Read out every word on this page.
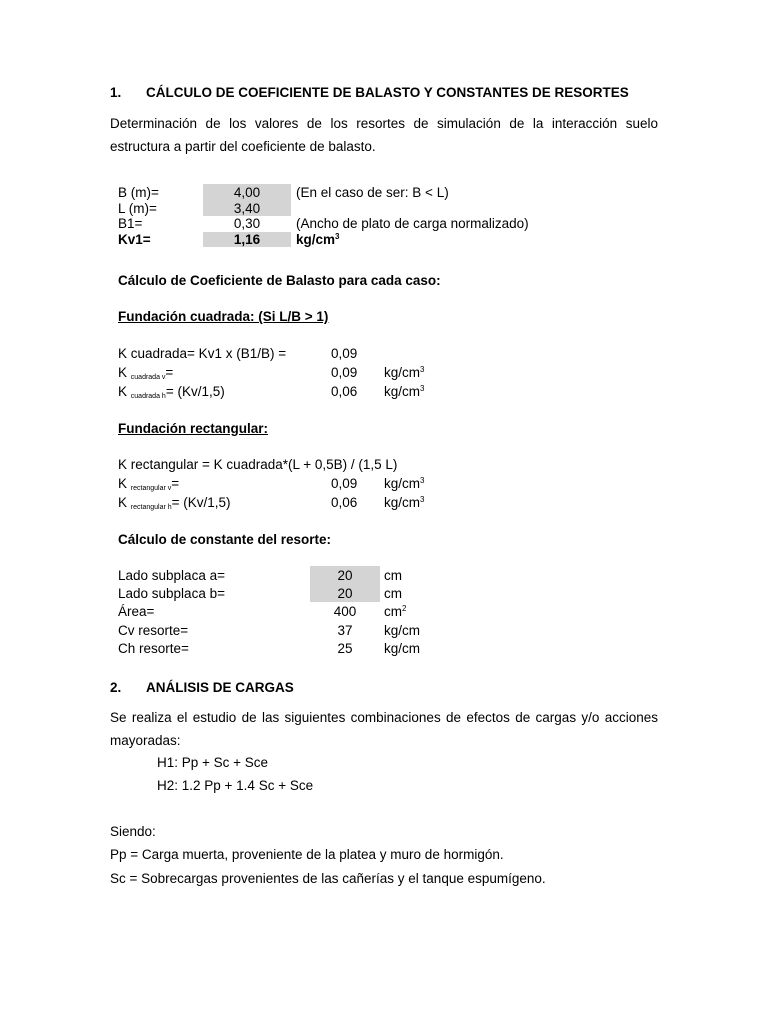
1. CÁLCULO DE COEFICIENTE DE BALASTO Y CONSTANTES DE RESORTES
Determinación de los valores de los resortes de simulación de la interacción suelo estructura a partir del coeficiente de balasto.
B (m)=	4,00	(En el caso de ser: B < L)
L (m)=	3,40
B1=	0,30	(Ancho de plato de carga normalizado)
Kv1=	1,16	$kg/cm^3$
Cálculo de Coeficiente de Balasto para cada caso:
Fundación cuadrada: (Si L/B > 1)
K cuadrada= Kv1 x (B1/B) =	0,09
K $_{cuadrada v}$=	0,09 $kg/cm^3$
K $_{cuadrada h}$= (Kv/1,5)	0,06 $kg/cm^3$
Fundación rectangular:
K rectangular = K cuadrada*(L + 0,5B) / (1,5 L)
K $_{rectangular v}$=	0,09 $kg/cm^3$
K $_{rectangular h}$= (Kv/1,5)	0,06 $kg/cm^3$
Cálculo de constante del resorte:
Lado subplaca a=	20	cm
Lado subplaca b=	20	cm
Área=	400	$cm^2$
Cv resorte=	37	kg/cm
Ch resorte=	25	kg/cm
2. ANÁLISIS DE CARGAS
Se realiza el estudio de las siguientes combinaciones de efectos de cargas y/o acciones mayoradas:
H1: Pp + Sc + Sce
H2: 1.2 Pp + 1.4 Sc + Sce
Siendo:
Pp = Carga muerta, proveniente de la platea y muro de hormigón.
Sc = Sobrecargas provenientes de las cañerías y el tanque espumígeno.
